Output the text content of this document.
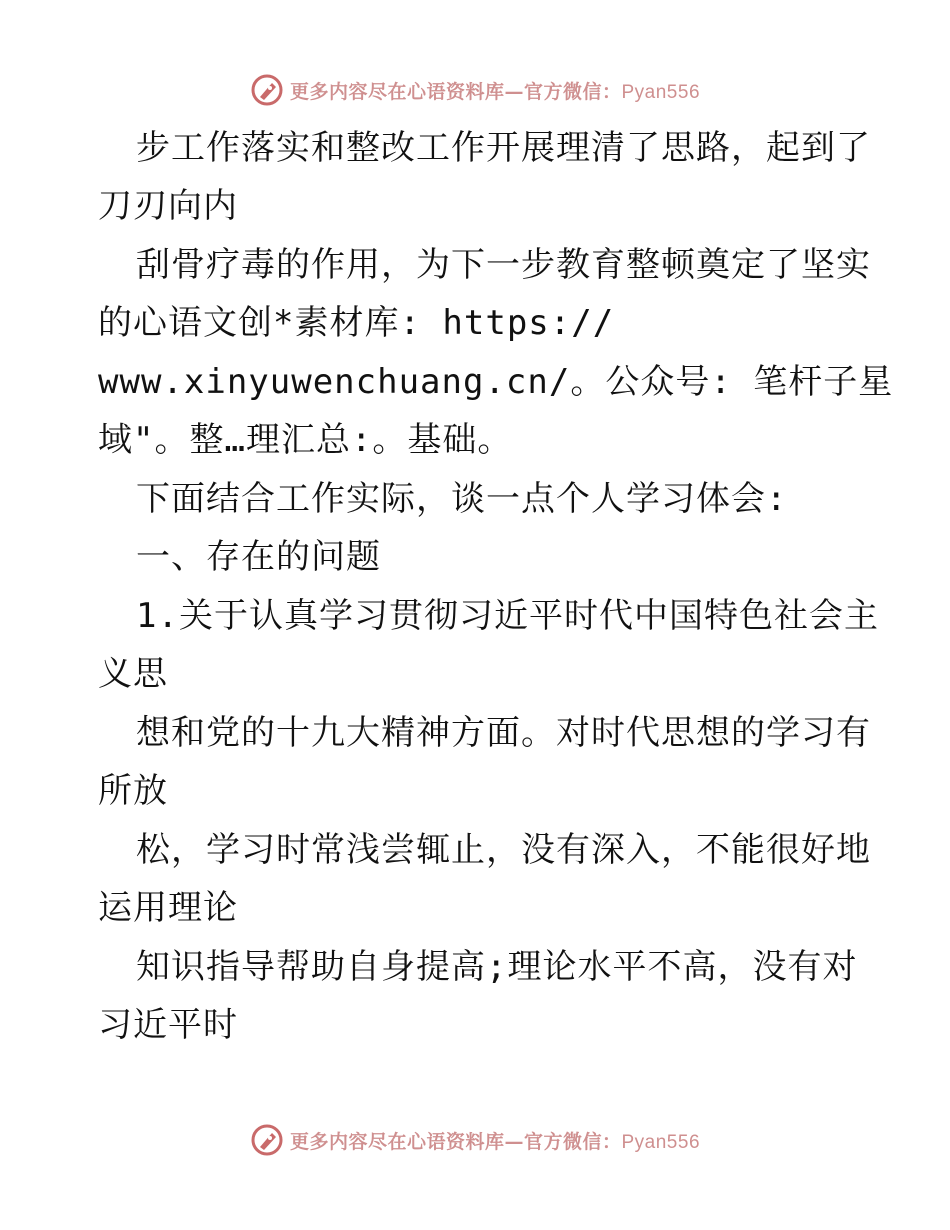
更多内容尽在心语资料库—官方微信：Pyan556
步工作落实和整改工作开展理清了思路，起到了
刀刃向内
刮骨疗毒的作用，为下一步教育整顿奠定了坚实
的心语文创*素材库: https://
www.xinyuwenchuang.cn/。公众号: 笔杆子星
域"。整…理汇总:。基础。
下面结合工作实际，谈一点个人学习体会:
一、存在的问题
1.关于认真学习贯彻习近平时代中国特色社会主
义思
想和党的十九大精神方面。对时代思想的学习有
所放
松，学习时常浅尝辄止，没有深入，不能很好地
运用理论
知识指导帮助自身提高;理论水平不高，没有对
习近平时
更多内容尽在心语资料库—官方微信：Pyan556
